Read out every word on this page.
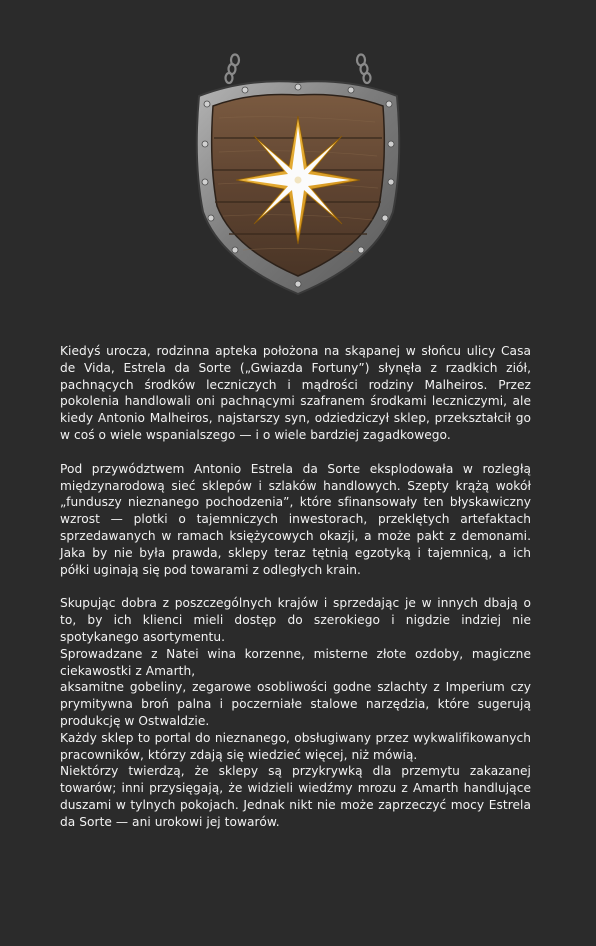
Kiedyś urocza, rodzinna apteka położona na skąpanej w słońcu ulicy Casa de Vida, Estrela da Sorte („Gwiazda Fortuny”) słynęła z rzadkich ziół, pachnących środków leczniczych i mądrości rodziny Malheiros. Przez pokolenia handlowali oni pachnącymi szafranem środkami leczniczymi, ale kiedy Antonio Malheiros, najstarszy syn, odziedziczył sklep, przekształcił go w coś o wiele wspanialszego — i o wiele bardziej zagadkowego.

Pod przywództwem Antonio Estrela da Sorte eksplodowała w rozległą międzynarodową sieć sklepów i szlaków handlowych. Szepty krążą wokół „funduszy nieznanego pochodzenia”, które sfinansowały ten błyskawiczny wzrost — plotki o tajemniczych inwestorach, przeklętych artefaktach sprzedawanych w ramach księżycowych okazji, a może pakt z demonami. Jaka by nie była prawda, sklepy teraz tętnią egzotyką i tajemnicą, a ich półki uginają się pod towarami z odległych krain.

Skupując dobra z poszczególnych krajów i sprzedając je w innych dbają o to, by ich klienci mieli dostęp do szerokiego i nigdzie indziej nie spotykanego asortymentu.

Sprowadzane z Natei wina korzenne, misterne złote ozdoby, magiczne ciekawostki z Amarth,

aksamitne gobeliny, zegarowe osobliwości godne szlachty z Imperium czy prymitywna broń palna i poczerniałe stalowe narzędzia, które sugerują produkcję w Ostwaldzie.

Każdy sklep to portal do nieznanego, obsługiwany przez wykwalifikowanych pracowników, którzy zdają się wiedzieć więcej, niż mówią.

Niektórzy twierdzą, że sklepy są przykrywką dla przemytu zakazanej towarów; inni przysięgają, że widzieli wiedźmy mrozu z Amarth handlujące duszami w tylnych pokojach. Jednak nikt nie może zaprzeczyć mocy Estrela da Sorte — ani urokowi jej towarów.
